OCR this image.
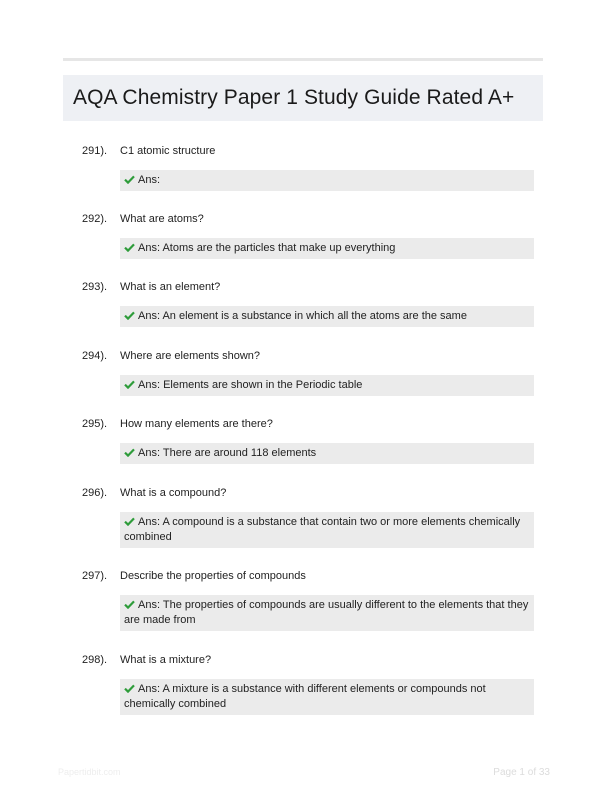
AQA Chemistry Paper 1 Study Guide Rated A+
291). C1 atomic structure
Ans:
292). What are atoms?
Ans: Atoms are the particles that make up everything
293). What is an element?
Ans: An element is a substance in which all the atoms are the same
294). Where are elements shown?
Ans: Elements are shown in the Periodic table
295). How many elements are there?
Ans: There are around 118 elements
296). What is a compound?
Ans: A compound is a substance that contain two or more elements chemically combined
297). Describe the properties of compounds
Ans: The properties of compounds are usually different to the elements that they are made from
298). What is a mixture?
Ans: A mixture is a substance with different elements or compounds not chemically combined
Papertidbit.com	Page 1 of 33
